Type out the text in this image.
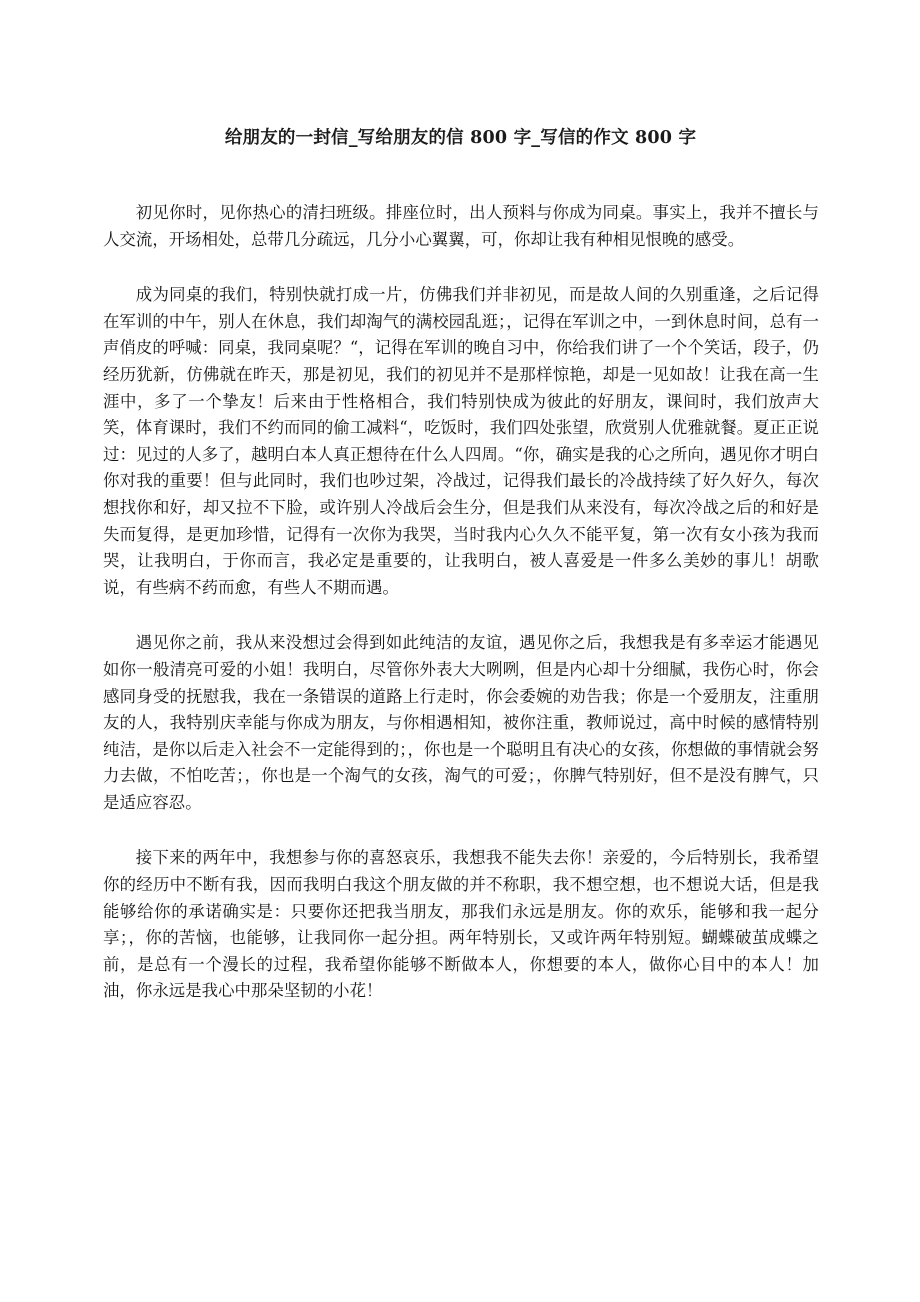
给朋友的一封信_写给朋友的信 800 字_写信的作文 800 字

初见你时，见你热心的清扫班级。排座位时，出人预料与你成为同桌。事实上，我并不擅长与人交流，开场相处，总带几分疏远，几分小心翼翼，可，你却让我有种相见恨晚的感受。

成为同桌的我们，特别快就打成一片，仿佛我们并非初见，而是故人间的久别重逢，之后记得在军训的中午，别人在休息，我们却淘气的满校园乱逛；，记得在军训之中，一到休息时间，总有一声俏皮的呼喊：同桌，我同桌呢？“，记得在军训的晚自习中，你给我们讲了一个个笑话，段子，仍经历犹新，仿佛就在昨天，那是初见，我们的初见并不是那样惊艳，却是一见如故！让我在高一生涯中，多了一个挚友！后来由于性格相合，我们特别快成为彼此的好朋友，课间时，我们放声大笑，体育课时，我们不约而同的偷工减料“，吃饭时，我们四处张望，欣赏别人优雅就餐。夏正正说过：见过的人多了，越明白本人真正想待在什么人四周。“你，确实是我的心之所向，遇见你才明白你对我的重要！但与此同时，我们也吵过架，冷战过，记得我们最长的冷战持续了好久好久，每次想找你和好，却又拉不下脸，或许别人冷战后会生分，但是我们从来没有，每次冷战之后的和好是失而复得，是更加珍惜，记得有一次你为我哭，当时我内心久久不能平复，第一次有女小孩为我而哭，让我明白，于你而言，我必定是重要的，让我明白，被人喜爱是一件多么美妙的事儿！胡歌说，有些病不药而愈，有些人不期而遇。

遇见你之前，我从来没想过会得到如此纯洁的友谊，遇见你之后，我想我是有多幸运才能遇见如你一般清亮可爱的小姐！我明白，尽管你外表大大咧咧，但是内心却十分细腻，我伤心时，你会感同身受的抚慰我，我在一条错误的道路上行走时，你会委婉的劝告我；你是一个爱朋友，注重朋友的人，我特别庆幸能与你成为朋友，与你相遇相知，被你注重，教师说过，高中时候的感情特别纯洁，是你以后走入社会不一定能得到的；，你也是一个聪明且有决心的女孩，你想做的事情就会努力去做，不怕吃苦；，你也是一个淘气的女孩，淘气的可爱；，你脾气特别好，但不是没有脾气，只是适应容忍。

接下来的两年中，我想参与你的喜怒哀乐，我想我不能失去你！亲爱的，今后特别长，我希望你的经历中不断有我，因而我明白我这个朋友做的并不称职，我不想空想，也不想说大话，但是我能够给你的承诺确实是：只要你还把我当朋友，那我们永远是朋友。你的欢乐，能够和我一起分享；，你的苦恼，也能够，让我同你一起分担。两年特别长，又或许两年特别短。蝴蝶破茧成蝶之前，是总有一个漫长的过程，我希望你能够不断做本人，你想要的本人，做你心目中的本人！加油，你永远是我心中那朵坚韧的小花！
